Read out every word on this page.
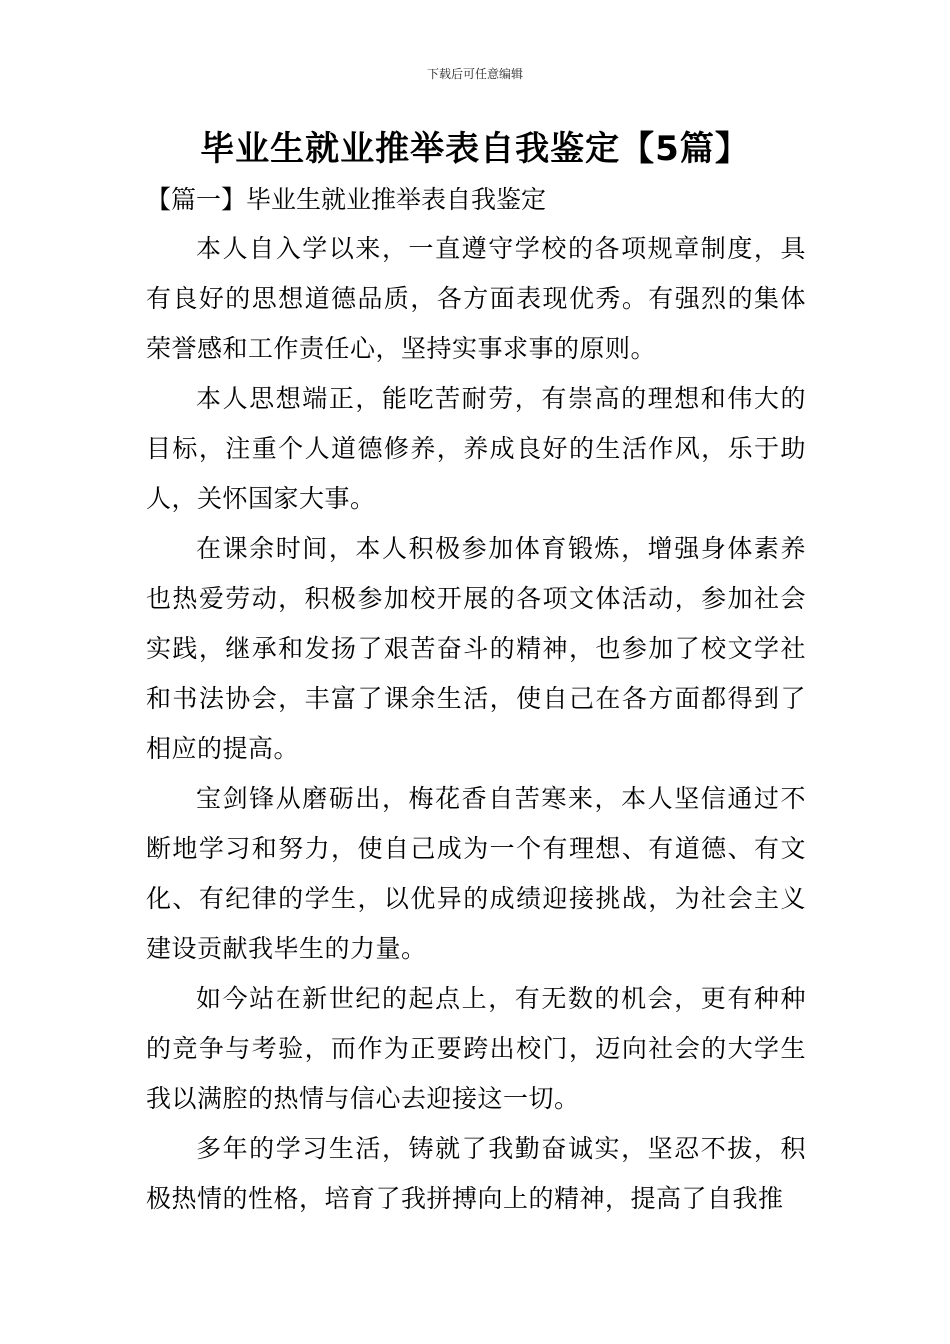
下载后可任意编辑
毕业生就业推举表自我鉴定【5篇】
【篇一】毕业生就业推举表自我鉴定

本人自入学以来，一直遵守学校的各项规章制度，具有良好的思想道德品质，各方面表现优秀。有强烈的集体荣誉感和工作责任心，坚持实事求事的原则。

本人思想端正，能吃苦耐劳，有崇高的理想和伟大的目标，注重个人道德修养，养成良好的生活作风，乐于助人，关怀国家大事。

在课余时间，本人积极参加体育锻炼，增强身体素养也热爱劳动，积极参加校开展的各项文体活动，参加社会实践，继承和发扬了艰苦奋斗的精神，也参加了校文学社和书法协会，丰富了课余生活，使自己在各方面都得到了相应的提高。

宝剑锋从磨砺出，梅花香自苦寒来，本人坚信通过不断地学习和努力，使自己成为一个有理想、有道德、有文化、有纪律的学生，以优异的成绩迎接挑战，为社会主义建设贡献我毕生的力量。

如今站在新世纪的起点上，有无数的机会，更有种种的竞争与考验，而作为正要跨出校门，迈向社会的大学生我以满腔的热情与信心去迎接这一切。

多年的学习生活，铸就了我勤奋诚实，坚忍不拔，积极热情的性格，培育了我拼搏向上的精神，提高了自我推
